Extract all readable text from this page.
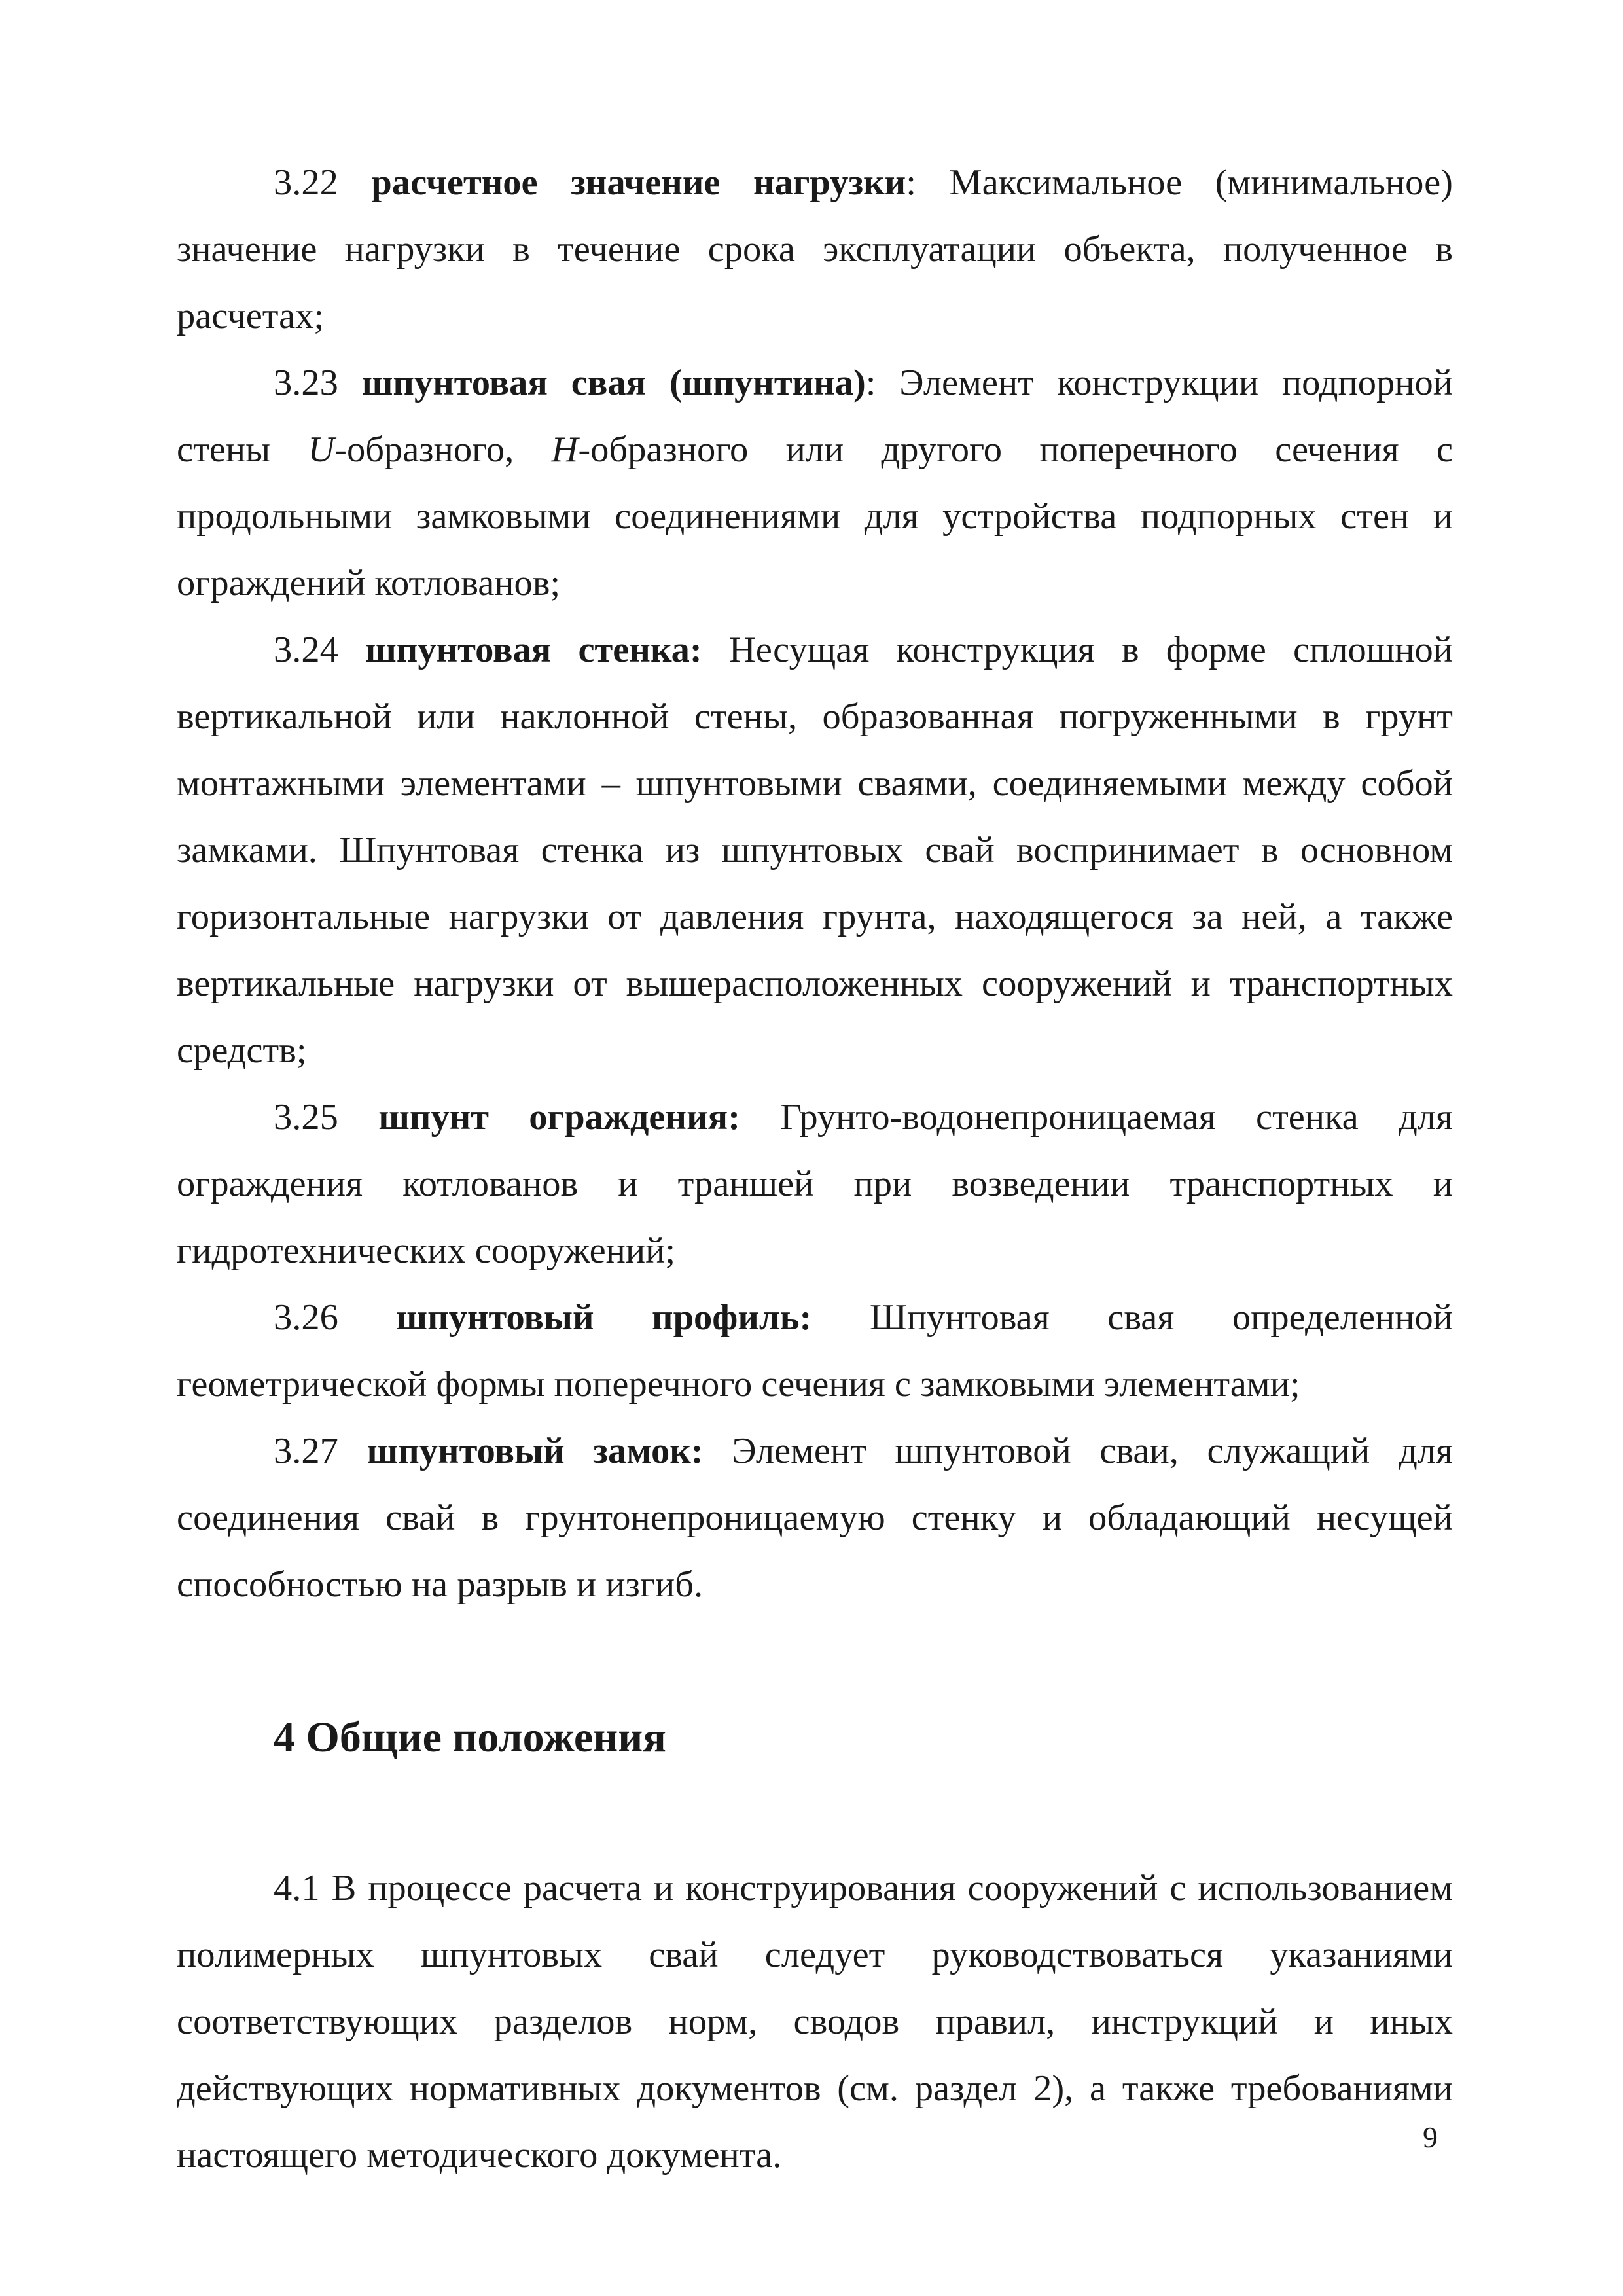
3.22 расчетное значение нагрузки: Максимальное (минимальное) значение нагрузки в течение срока эксплуатации объекта, полученное в расчетах;

3.23 шпунтовая свая (шпунтина): Элемент конструкции подпорной стены U-образного, H-образного или другого поперечного сечения с продольными замковыми соединениями для устройства подпорных стен и ограждений котлованов;

3.24 шпунтовая стенка: Несущая конструкция в форме сплошной вертикальной или наклонной стены, образованная погруженными в грунт монтажными элементами – шпунтовыми сваями, соединяемыми между собой замками. Шпунтовая стенка из шпунтовых свай воспринимает в основном горизонтальные нагрузки от давления грунта, находящегося за ней, а также вертикальные нагрузки от вышерасположенных сооружений и транспортных средств;

3.25 шпунт ограждения: Грунто-водонепроницаемая стенка для ограждения котлованов и траншей при возведении транспортных и гидротехнических сооружений;

3.26 шпунтовый профиль: Шпунтовая свая определенной геометрической формы поперечного сечения с замковыми элементами;

3.27 шпунтовый замок: Элемент шпунтовой сваи, служащий для соединения свай в грунтонепроницаемую стенку и обладающий несущей способностью на разрыв и изгиб.

4 Общие положения

4.1 В процессе расчета и конструирования сооружений с использованием полимерных шпунтовых свай следует руководствоваться указаниями соответствующих разделов норм, сводов правил, инструкций и иных действующих нормативных документов (см. раздел 2), а также требованиями настоящего методического документа.	9
